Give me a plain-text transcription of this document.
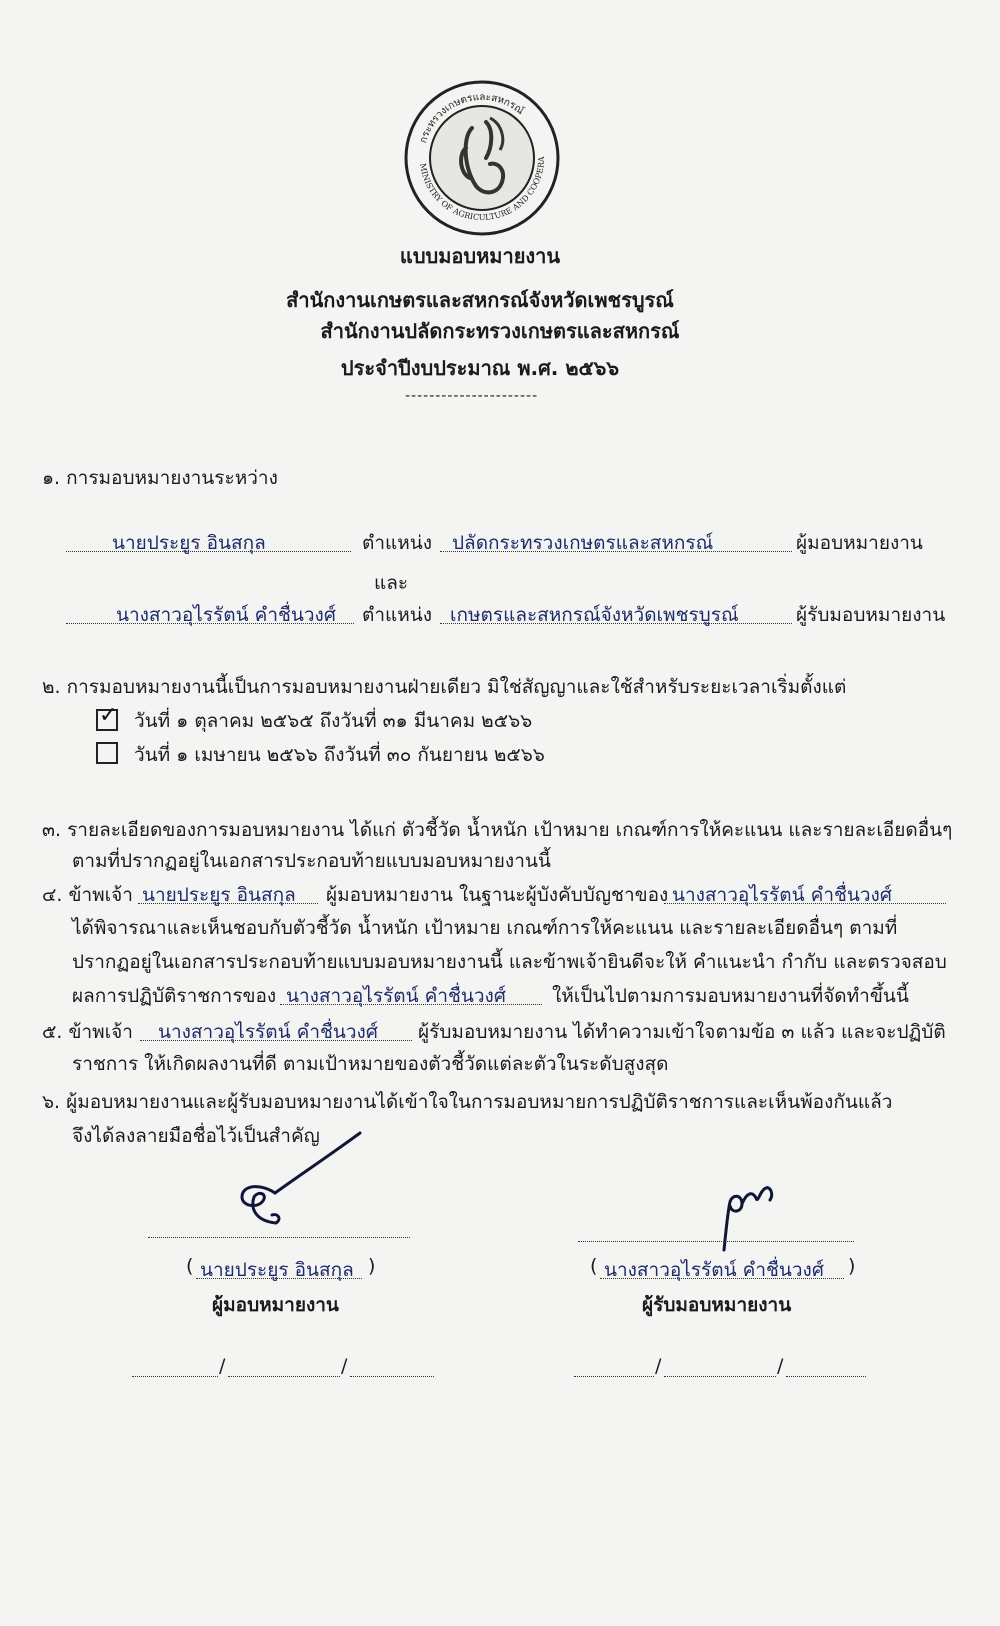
กระทรวงเกษตรและสหกรณ์
MINISTRY OF AGRICULTURE AND COOPERA
แบบมอบหมายงาน
สำนักงานเกษตรและสหกรณ์จังหวัดเพชรบูรณ์
สำนักงานปลัดกระทรวงเกษตรและสหกรณ์
ประจำปีงบประมาณ พ.ศ. ๒๕๖๖
----------------------
๑. การมอบหมายงานระหว่าง
นายประยูร อินสกุล	ตำแหน่ง ปลัดกระทรวงเกษตรและสหกรณ์	ผู้มอบหมายงาน
และ
นางสาวอุไรรัตน์ คำชื่นวงศ์ ตำแหน่ง เกษตรและสหกรณ์จังหวัดเพชรบูรณ์	ผู้รับมอบหมายงาน
๒. การมอบหมายงานนี้เป็นการมอบหมายงานฝ่ายเดียว มิใช่สัญญาและใช้สำหรับระยะเวลาเริ่มตั้งแต่
✓ วันที่ ๑ ตุลาคม ๒๕๖๕ ถึงวันที่ ๓๑ มีนาคม ๒๕๖๖
วันที่ ๑ เมษายน ๒๕๖๖ ถึงวันที่ ๓๐ กันยายน ๒๕๖๖
๓. รายละเอียดของการมอบหมายงาน ได้แก่ ตัวชี้วัด น้ำหนัก เป้าหมาย เกณฑ์การให้คะแนน และรายละเอียดอื่นๆ
ตามที่ปรากฏอยู่ในเอกสารประกอบท้ายแบบมอบหมายงานนี้
๔. ข้าพเจ้า นายประยูร อินสกุล ผู้มอบหมายงาน ในฐานะผู้บังคับบัญชาของ นางสาวอุไรรัตน์ คำชื่นวงศ์
ได้พิจารณาและเห็นชอบกับตัวชี้วัด น้ำหนัก เป้าหมาย เกณฑ์การให้คะแนน และรายละเอียดอื่นๆ ตามที่
ปรากฏอยู่ในเอกสารประกอบท้ายแบบมอบหมายงานนี้ และข้าพเจ้ายินดีจะให้ คำแนะนำ กำกับ และตรวจสอบ
ผลการปฏิบัติราชการของ นางสาวอุไรรัตน์ คำชื่นวงศ์ ให้เป็นไปตามการมอบหมายงานที่จัดทำขึ้นนี้
๕. ข้าพเจ้า นางสาวอุไรรัตน์ คำชื่นวงศ์ ผู้รับมอบหมายงาน ได้ทำความเข้าใจตามข้อ ๓ แล้ว และจะปฏิบัติ
ราชการ ให้เกิดผลงานที่ดี ตามเป้าหมายของตัวชี้วัดแต่ละตัวในระดับสูงสุด
๖. ผู้มอบหมายงานและผู้รับมอบหมายงานได้เข้าใจในการมอบหมายการปฏิบัติราชการและเห็นพ้องกันแล้ว
จึงได้ลงลายมือชื่อไว้เป็นสำคัญ
( นายประยูร อินสกุล )
ผู้มอบหมายงาน
( นางสาวอุไรรัตน์ คำชื่นวงศ์ )
ผู้รับมอบหมายงาน
/	/	/	/
